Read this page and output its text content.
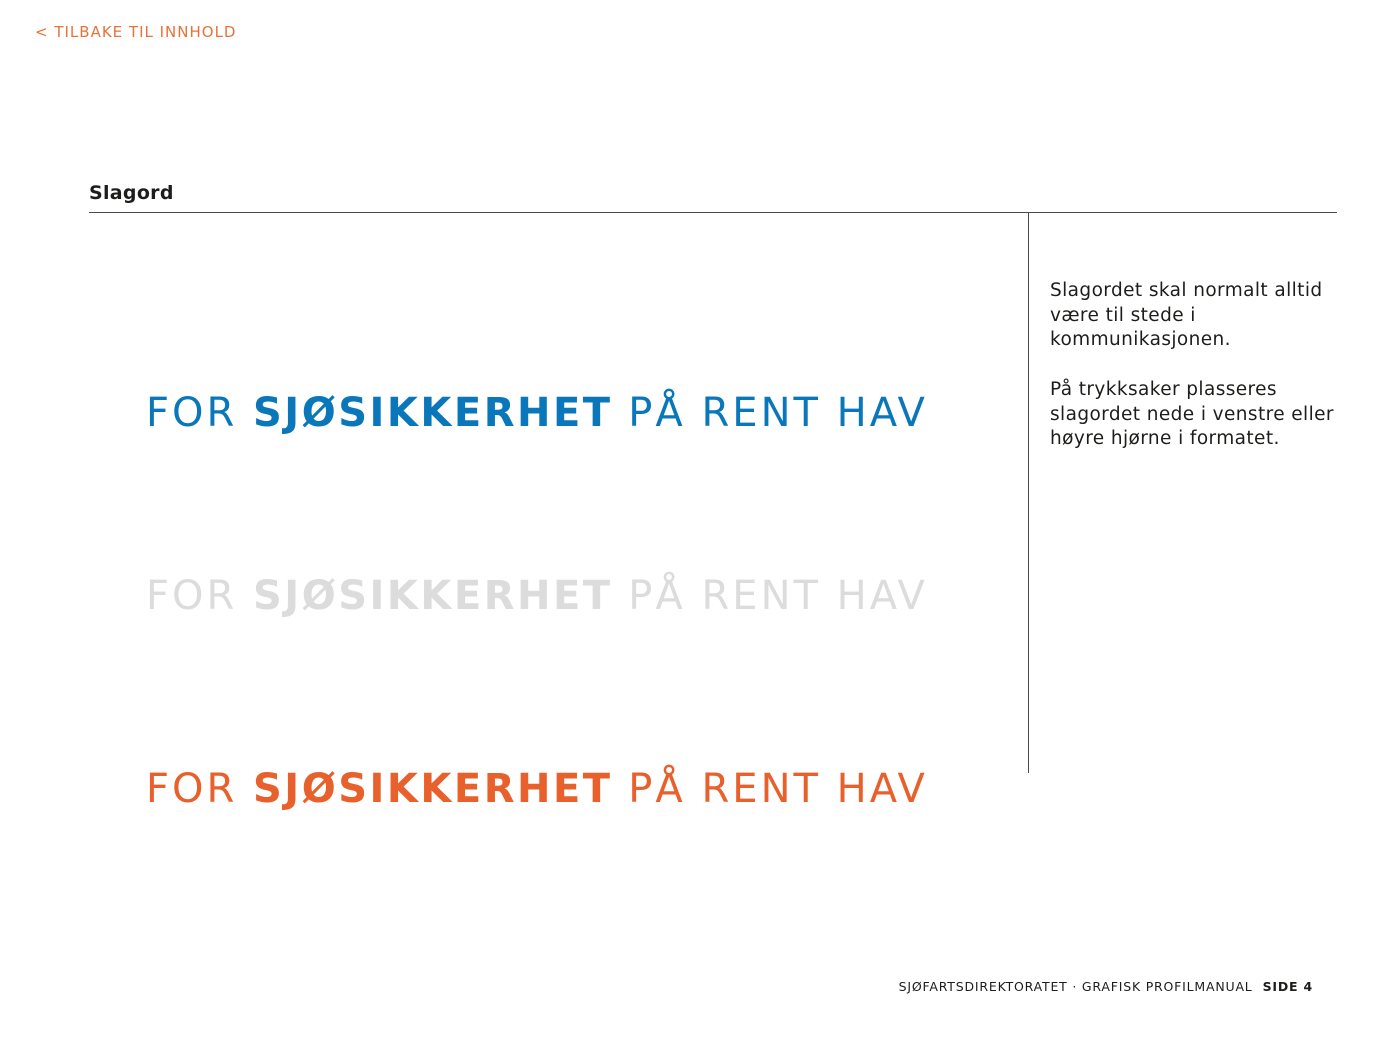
< TILBAKE TIL INNHOLD
Slagord
FOR SJØSIKKERHET PÅ RENT HAV
FOR SJØSIKKERHET PÅ RENT HAV
FOR SJØSIKKERHET PÅ RENT HAV

Slagordet skal normalt alltid være til stede i kommunikasjonen.

På trykksaker plasseres slagordet nede i venstre eller høyre hjørne i formatet.

SJØFARTSDIREKTORATET · GRAFISK PROFILMANUAL SIDE 4
